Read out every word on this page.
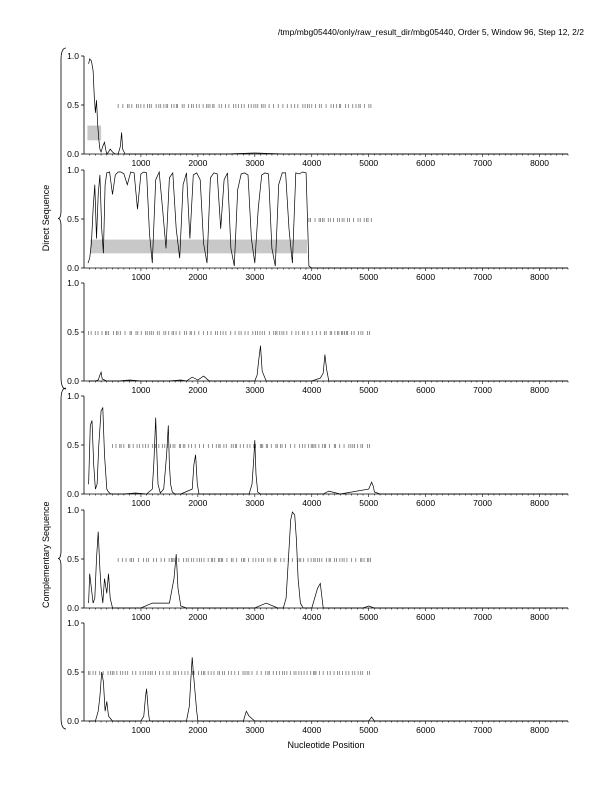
/tmp/mbg05440/only/raw_result_dir/mbg05440, Order 5, Window 96, Step 12, 2/2
Nucleotide Position
Direct Sequence
Complementary Sequence
0.0
0.5
1.0
1000	2000	3000	4000	5000	6000	7000	8000
0.0
0.5
1.0
1000	2000	3000	4000	5000	6000	7000	8000
0.0
0.5
1.0
1000	2000	3000	4000	5000	6000	7000	8000
0.0
0.5
1.0
1000	2000	3000	4000	5000	6000	7000	8000
0.0
0.5
1.0
1000	2000	3000	4000	5000	6000	7000	8000
0.0
0.5
1.0
1000	2000	3000	4000	5000	6000	7000	8000
